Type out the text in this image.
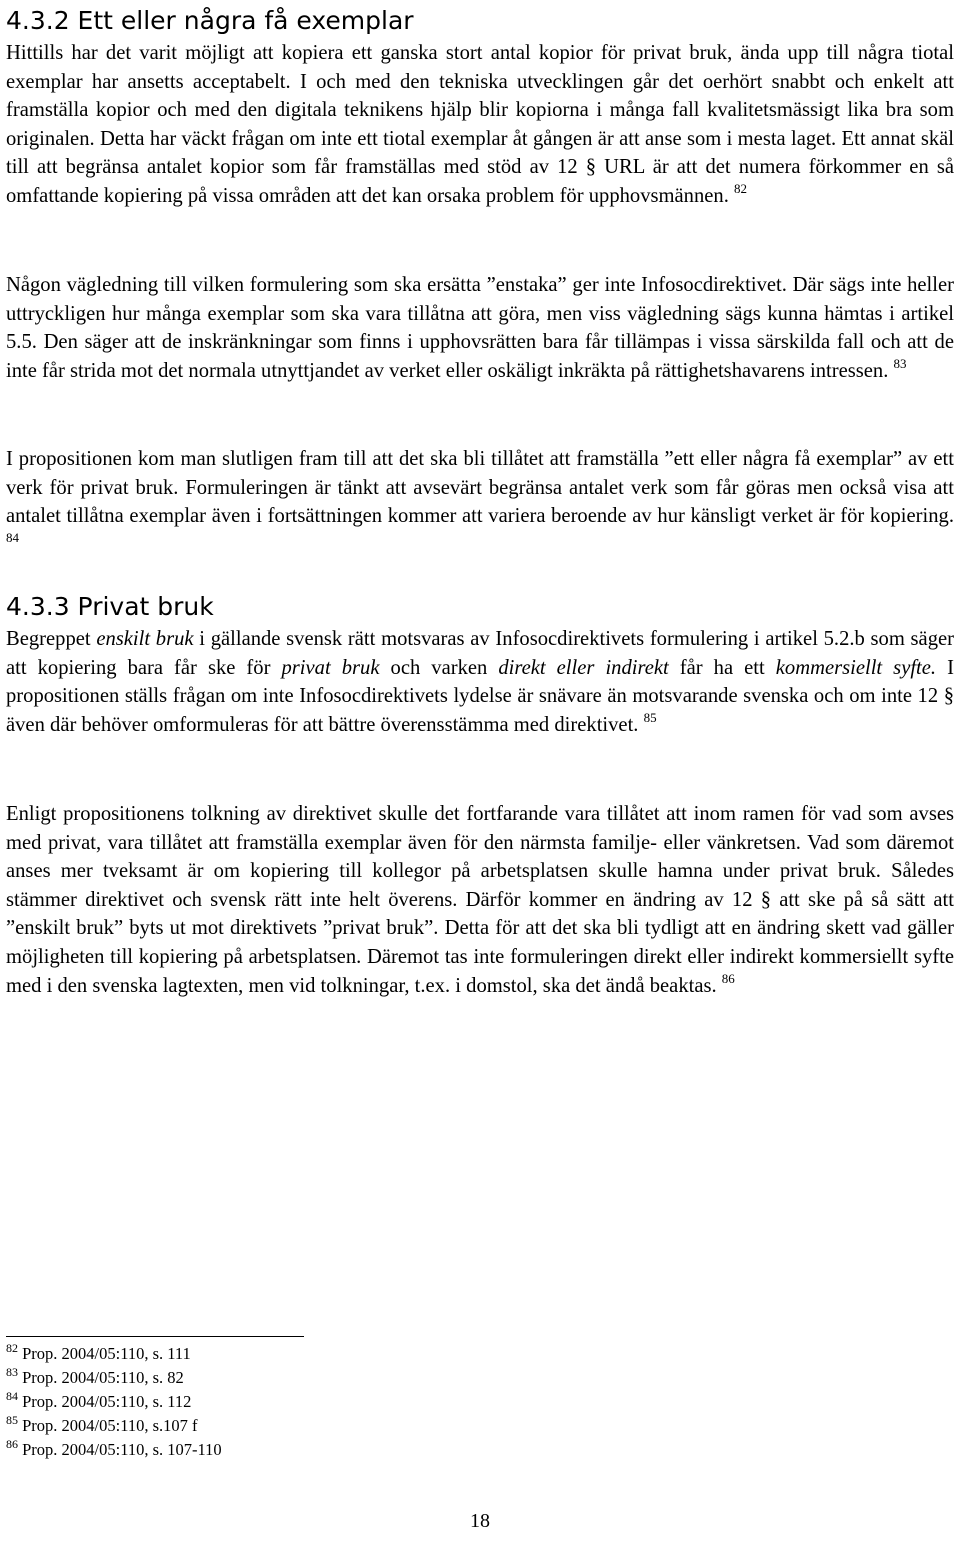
4.3.2 Ett eller några få exemplar

Hittills har det varit möjligt att kopiera ett ganska stort antal kopior för privat bruk, ända upp till några tiotal exemplar har ansetts acceptabelt. I och med den tekniska utvecklingen går det oerhört snabbt och enkelt att framställa kopior och med den digitala teknikens hjälp blir kopiorna i många fall kvalitetsmässigt lika bra som originalen. Detta har väckt frågan om inte ett tiotal exemplar åt gången är att anse som i mesta laget. Ett annat skäl till att begränsa antalet kopior som får framställas med stöd av 12 § URL är att det numera förkommer en så omfattande kopiering på vissa områden att det kan orsaka problem för upphovsmännen. $^{82}$

Någon vägledning till vilken formulering som ska ersätta ”enstaka” ger inte Infosocdirektivet. Där sägs inte heller uttryckligen hur många exemplar som ska vara tillåtna att göra, men viss vägledning sägs kunna hämtas i artikel 5.5. Den säger att de inskränkningar som finns i upphovsrätten bara får tillämpas i vissa särskilda fall och att de inte får strida mot det normala utnyttjandet av verket eller oskäligt inkräkta på rättighetshavarens intressen. $^{83}$

I propositionen kom man slutligen fram till att det ska bli tillåtet att framställa ”ett eller några få exemplar” av ett verk för privat bruk. Formuleringen är tänkt att avsevärt begränsa antalet verk som får göras men också visa att antalet tillåtna exemplar även i fortsättningen kommer att variera beroende av hur känsligt verket är för kopiering. $^{84}$

4.3.3 Privat bruk

Begreppet enskilt bruk i gällande svensk rätt motsvaras av Infosocdirektivets formulering i artikel 5.2.b som säger att kopiering bara får ske för privat bruk och varken direkt eller indirekt får ha ett kommersiellt syfte. I propositionen ställs frågan om inte Infosocdirektivets lydelse är snävare än motsvarande svenska och om inte 12 § även där behöver omformuleras för att bättre överensstämma med direktivet. $^{85}$

Enligt propositionens tolkning av direktivet skulle det fortfarande vara tillåtet att inom ramen för vad som avses med privat, vara tillåtet att framställa exemplar även för den närmsta familje- eller vänkretsen. Vad som däremot anses mer tveksamt är om kopiering till kollegor på arbetsplatsen skulle hamna under privat bruk. Således stämmer direktivet och svensk rätt inte helt överens. Därför kommer en ändring av 12 § att ske på så sätt att ”enskilt bruk” byts ut mot direktivets ”privat bruk”. Detta för att det ska bli tydligt att en ändring skett vad gäller möjligheten till kopiering på arbetsplatsen. Däremot tas inte formuleringen direkt eller indirekt kommersiellt syfte med i den svenska lagtexten, men vid tolkningar, t.ex. i domstol, ska det ändå beaktas. $^{86}$

$^{82}$ Prop. 2004/05:110, s. 111
$^{83}$ Prop. 2004/05:110, s. 82
$^{84}$ Prop. 2004/05:110, s. 112
$^{85}$ Prop. 2004/05:110, s.107 f
$^{86}$ Prop. 2004/05:110, s. 107-110
18
